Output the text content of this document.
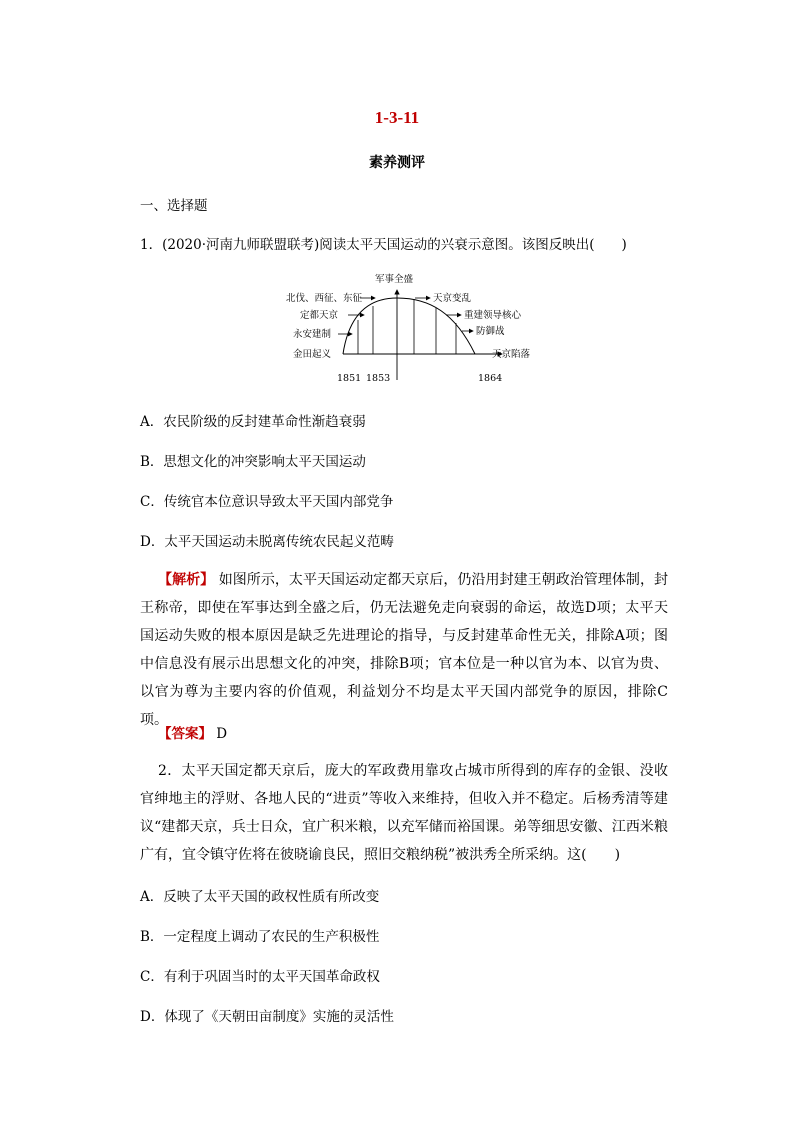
1-3-11
素养测评
一、选择题
1．(2020·河南九师联盟联考)阅读太平天国运动的兴衰示意图。该图反映出(　　)
军事全盛
北伐、西征、东征
定都天京
永安建制
金田起义
天京变乱
重建领导核心
防御战
天京陷落
1851 1853	1864
A．农民阶级的反封建革命性渐趋衰弱
B．思想文化的冲突影响太平天国运动
C．传统官本位意识导致太平天国内部党争
D．太平天国运动未脱离传统农民起义范畴
【解析】 如图所示，太平天国运动定都天京后，仍沿用封建王朝政治管理体制，封王称帝，即使在军事达到全盛之后，仍无法避免走向衰弱的命运，故选D项；太平天国运动失败的根本原因是缺乏先进理论的指导，与反封建革命性无关，排除A项；图中信息没有展示出思想文化的冲突，排除B项；官本位是一种以官为本、以官为贵、以官为尊为主要内容的价值观，利益划分不均是太平天国内部党争的原因，排除C项。
【答案】 D
2．太平天国定都天京后，庞大的军政费用靠攻占城市所得到的库存的金银、没收官绅地主的浮财、各地人民的“进贡”等收入来维持，但收入并不稳定。后杨秀清等建议“建都天京，兵士日众，宜广积米粮，以充军储而裕国课。弟等细思安徽、江西米粮广有，宜令镇守佐将在彼晓谕良民，照旧交粮纳税”被洪秀全所采纳。这(　　)
A．反映了太平天国的政权性质有所改变
B．一定程度上调动了农民的生产积极性
C．有利于巩固当时的太平天国革命政权
D．体现了《天朝田亩制度》实施的灵活性
